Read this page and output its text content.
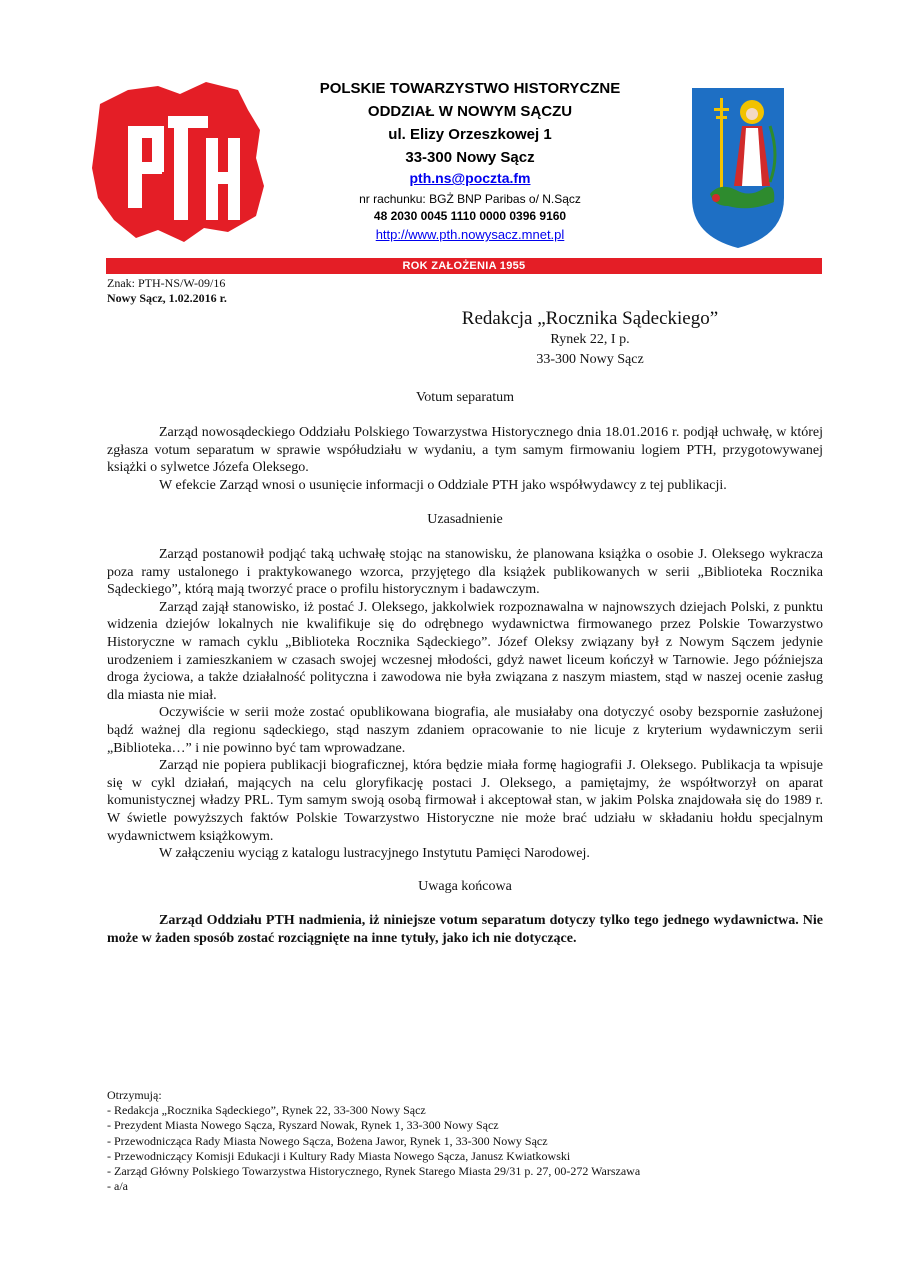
POLSKIE TOWARZYSTWO HISTORYCZNE
ODDZIAŁ W NOWYM SĄCZU
ul. Elizy Orzeszkowej 1
33-300 Nowy Sącz
pth.ns@poczta.fm
nr rachunku: BGŻ BNP Paribas o/ N.Sącz
48 2030 0045 1110 0000 0396 9160
http://www.pth.nowysacz.mnet.pl
ROK ZAŁOŻENIA 1955
Znak: PTH-NS/W-09/16
Nowy Sącz, 1.02.2016 r.
Redakcja „Rocznika Sądeckiego”
Rynek 22, I p.
33-300 Nowy Sącz
Votum separatum

Zarząd nowosądeckiego Oddziału Polskiego Towarzystwa Historycznego dnia 18.01.2016 r. podjął uchwałę, w której zgłasza votum separatum w sprawie współudziału w wydaniu, a tym samym firmowaniu logiem PTH, przygotowywanej książki o sylwetce Józefa Oleksego.

W efekcie Zarząd wnosi o usunięcie informacji o Oddziale PTH jako współwydawcy z tej publikacji.

Uzasadnienie

Zarząd postanowił podjąć taką uchwałę stojąc na stanowisku, że planowana książka o osobie J. Oleksego wykracza poza ramy ustalonego i praktykowanego wzorca, przyjętego dla książek publikowanych w serii „Biblioteka Rocznika Sądeckiego”, którą mają tworzyć prace o profilu historycznym i badawczym.

Zarząd zajął stanowisko, iż postać J. Oleksego, jakkolwiek rozpoznawalna w najnowszych dziejach Polski, z punktu widzenia dziejów lokalnych nie kwalifikuje się do odrębnego wydawnictwa firmowanego przez Polskie Towarzystwo Historyczne w ramach cyklu „Biblioteka Rocznika Sądeckiego”. Józef Oleksy związany był z Nowym Sączem jedynie urodzeniem i zamieszkaniem w czasach swojej wczesnej młodości, gdyż nawet liceum kończył w Tarnowie. Jego późniejsza droga życiowa, a także działalność polityczna i zawodowa nie była związana z naszym miastem, stąd w naszej ocenie zasług dla miasta nie miał.

Oczywiście w serii może zostać opublikowana biografia, ale musiałaby ona dotyczyć osoby bezspornie zasłużonej bądź ważnej dla regionu sądeckiego, stąd naszym zdaniem opracowanie to nie licuje z kryterium wydawniczym serii „Biblioteka…” i nie powinno być tam wprowadzane.

Zarząd nie popiera publikacji biograficznej, która będzie miała formę hagiografii J. Oleksego. Publikacja ta wpisuje się w cykl działań, mających na celu gloryfikację postaci J. Oleksego, a pamiętajmy, że współtworzył on aparat komunistycznej władzy PRL. Tym samym swoją osobą firmował i akceptował stan, w jakim Polska znajdowała się do 1989 r. W świetle powyższych faktów Polskie Towarzystwo Historyczne nie może brać udziału w składaniu hołdu specjalnym wydawnictwem książkowym.

W załączeniu wyciąg z katalogu lustracyjnego Instytutu Pamięci Narodowej.

Uwaga końcowa

Zarząd Oddziału PTH nadmienia, iż niniejsze votum separatum dotyczy tylko tego jednego wydawnictwa. Nie może w żaden sposób zostać rozciągnięte na inne tytuły, jako ich nie dotyczące.

Otrzymują:
- Redakcja „Rocznika Sądeckiego”, Rynek 22, 33-300 Nowy Sącz
- Prezydent Miasta Nowego Sącza, Ryszard Nowak, Rynek 1, 33-300 Nowy Sącz
- Przewodnicząca Rady Miasta Nowego Sącza, Bożena Jawor, Rynek 1, 33-300 Nowy Sącz
- Przewodniczący Komisji Edukacji i Kultury Rady Miasta Nowego Sącza, Janusz Kwiatkowski
- Zarząd Główny Polskiego Towarzystwa Historycznego, Rynek Starego Miasta 29/31 p. 27, 00-272 Warszawa
- a/a
